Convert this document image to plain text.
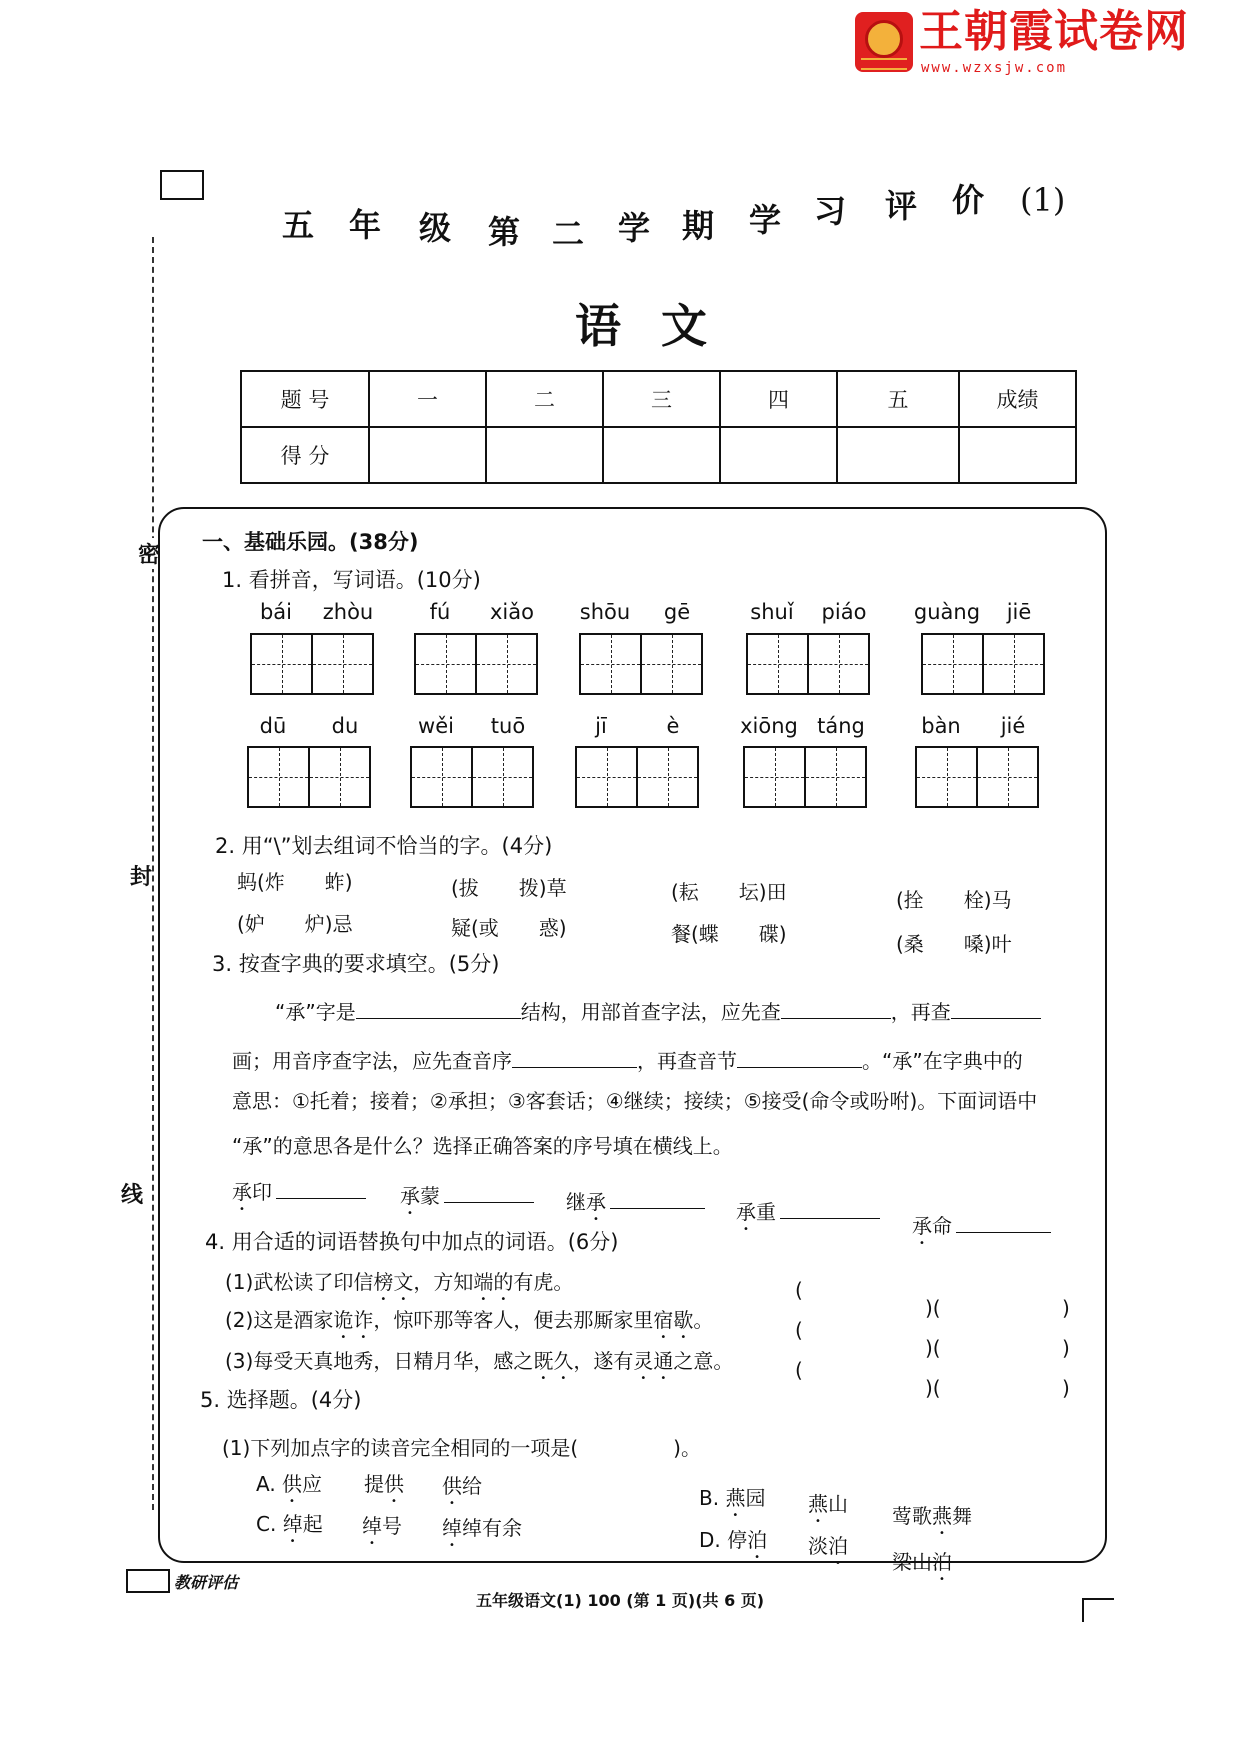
王朝霞试卷网
www.wzxsjw.com
五 年 级 第 二 学 期 学 习 评 价 (1)
语文
题 号	一	二	三	四	五	成绩
得 分						
密
封
线
一、基础乐园。(38分)
1. 看拼音，写词语。(10分)
bái	zhòu	fú	xiǎo	shōu	gē	shuǐ	piáo	guàng	jiē
dū	du	wěi	tuō	jī	è	xiōng táng	bàn	jié
2. 用“\”划去组词不恰当的字。(4分)
蚂(炸　　蚱)	(拔　　拨)草	(耘　　坛)田	(拴　　栓)马
(妒　　炉)忌	疑(或　　惑)	餐(蝶　　碟)	(桑　　嗓)叶
3. 按查字典的要求填空。(5分)
“承”字是	结构，用部首查字法，应先查	，再查
画；用音序查字法，应先查音序	，再查音节	。“承”在字典中的
意思：①托着；接着；②承担；③客套话；④继续；接续；⑤接受(命令或吩咐)。下面词语中
“承”的意思各是什么？选择正确答案的序号填在横线上。
承印	承蒙	继承	承重
承命
4. 用合适的词语替换句中加点的词语。(6分)
(1)武松读了印信榜文，方知端的有虎。	(
)(	)
(2)这是酒家诡诈，惊吓那等客人，便去那厮家里宿歇。	(
)(	)
(3)每受天真地秀，日精月华，感之既久，遂有灵通之意。	(
)(	)
5. 选择题。(4分)
(1)下列加点字的读音完全相同的一项是(	)。
A. 供应 提供 供给	B. 燕园 燕山 莺歌燕舞
C. 绰起 绰号 绰绰有余	D. 停泊 淡泊
梁山泊
教研评估
五年级语文(1) 100 (第 1 页)(共 6 页)
